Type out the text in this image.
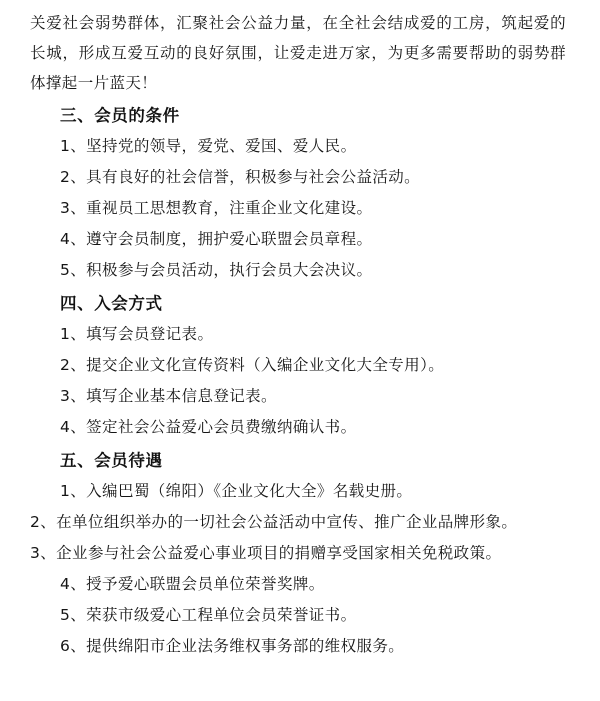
关爱社会弱势群体，汇聚社会公益力量，在全社会结成爱的工房，筑起爱的长城，形成互爱互动的良好氛围，让爱走进万家，为更多需要帮助的弱势群体撑起一片蓝天！

三、会员的条件

1、坚持党的领导，爱党、爱国、爱人民。

2、具有良好的社会信誉，积极参与社会公益活动。

3、重视员工思想教育，注重企业文化建设。

4、遵守会员制度，拥护爱心联盟会员章程。

5、积极参与会员活动，执行会员大会决议。

四、入会方式

1、填写会员登记表。

2、提交企业文化宣传资料（入编企业文化大全专用）。

3、填写企业基本信息登记表。

4、签定社会公益爱心会员费缴纳确认书。

五、会员待遇

1、入编巴蜀（绵阳）《企业文化大全》名载史册。

2、在单位组织举办的一切社会公益活动中宣传、推广企业品牌形象。

3、企业参与社会公益爱心事业项目的捐赠享受国家相关免税政策。

4、授予爱心联盟会员单位荣誉奖牌。

5、荣获市级爱心工程单位会员荣誉证书。

6、提供绵阳市企业法务维权事务部的维权服务。
